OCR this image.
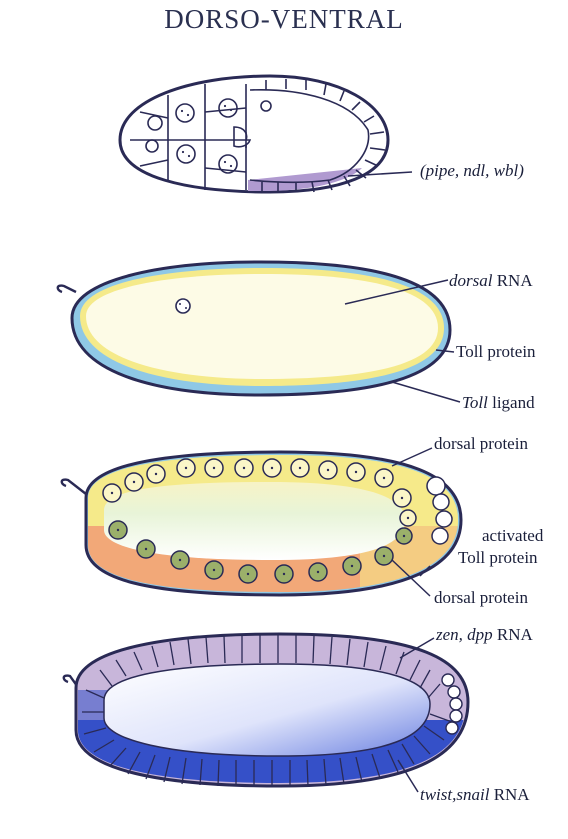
DORSO-VENTRAL
(pipe, ndl, wbl)
dorsal RNA
Toll protein
Toll ligand
dorsal protein
activated
Toll protein
dorsal protein
zen, dpp RNA
twist,snail RNA
